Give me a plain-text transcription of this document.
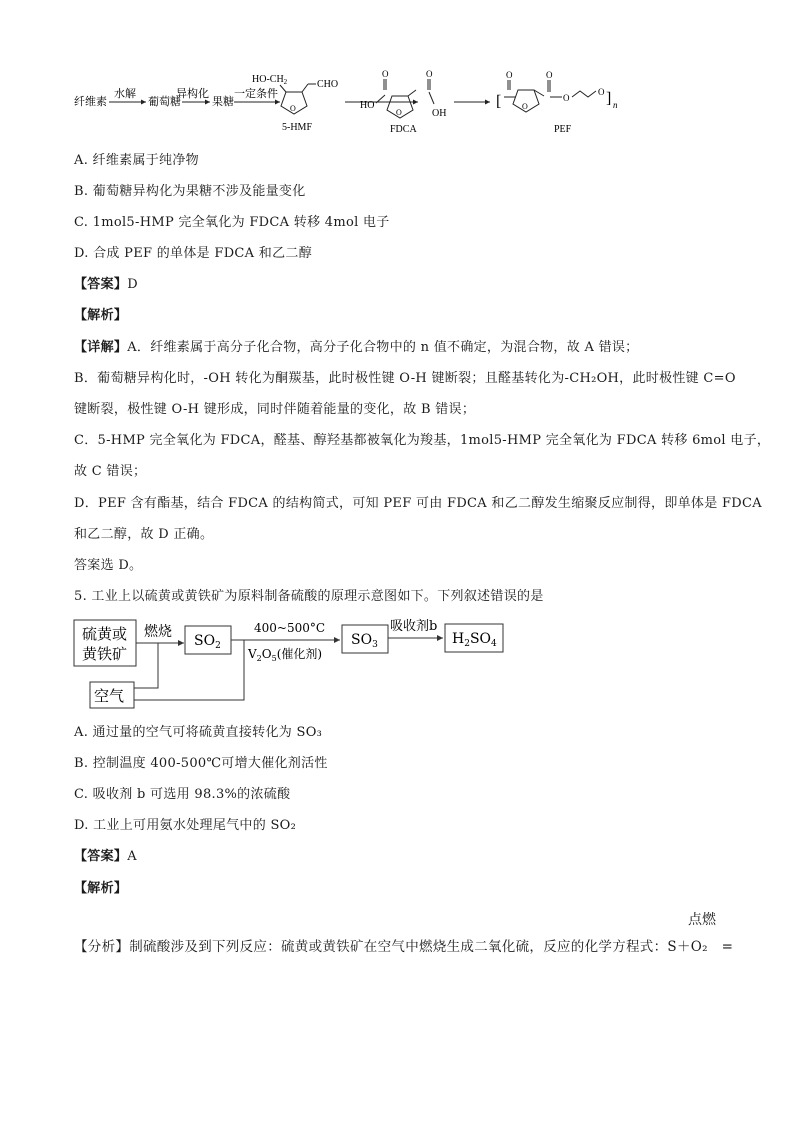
纤维素
水解
葡萄糖
异构化
果糖
一定条件
$HO-CH_2$	CHO
O
5-HMF
O
HO
O
O
OH
FDCA
[
O
O
O
O
O ] n
PEF
A. 纤维素属于纯净物
B. 葡萄糖异构化为果糖不涉及能量变化
C. 1mol5-HMP 完全氧化为 FDCA 转移 4mol 电子
D. 合成 PEF 的单体是 FDCA 和乙二醇
【答案】D
【解析】
【详解】A．纤维素属于高分子化合物，高分子化合物中的 n 值不确定，为混合物，故 A 错误；
B．葡萄糖异构化时，-OH 转化为酮羰基，此时极性键 O-H 键断裂；且醛基转化为-CH₂OH，此时极性键 C=O
键断裂，极性键 O-H 键形成，同时伴随着能量的变化，故 B 错误；
C．5-HMP 完全氧化为 FDCA，醛基、醇羟基都被氧化为羧基，1mol5-HMP 完全氧化为 FDCA 转移 6mol 电子，
故 C 错误；
D．PEF 含有酯基，结合 FDCA 的结构简式，可知 PEF 可由 FDCA 和乙二醇发生缩聚反应制得，即单体是 FDCA
和乙二醇，故 D 正确。
答案选 D。
5. 工业上以硫黄或黄铁矿为原料制备硫酸的原理示意图如下。下列叙述错误的是
硫黄或
黄铁矿
燃烧
$SO_2$
400~500°C
$V_2O_5$(催化剂)
$SO_3$
吸收剂b
$H_2SO_4$
空气
A. 通过量的空气可将硫黄直接转化为 SO₃
B. 控制温度 400-500℃可增大催化剂活性
C. 吸收剂 b 可选用 98.3%的浓硫酸
D. 工业上可用氨水处理尾气中的 SO₂
【答案】A
【解析】
点燃
【分析】制硫酸涉及到下列反应：硫黄或黄铁矿在空气中燃烧生成二氧化硫，反应的化学方程式：S＋O₂　=
